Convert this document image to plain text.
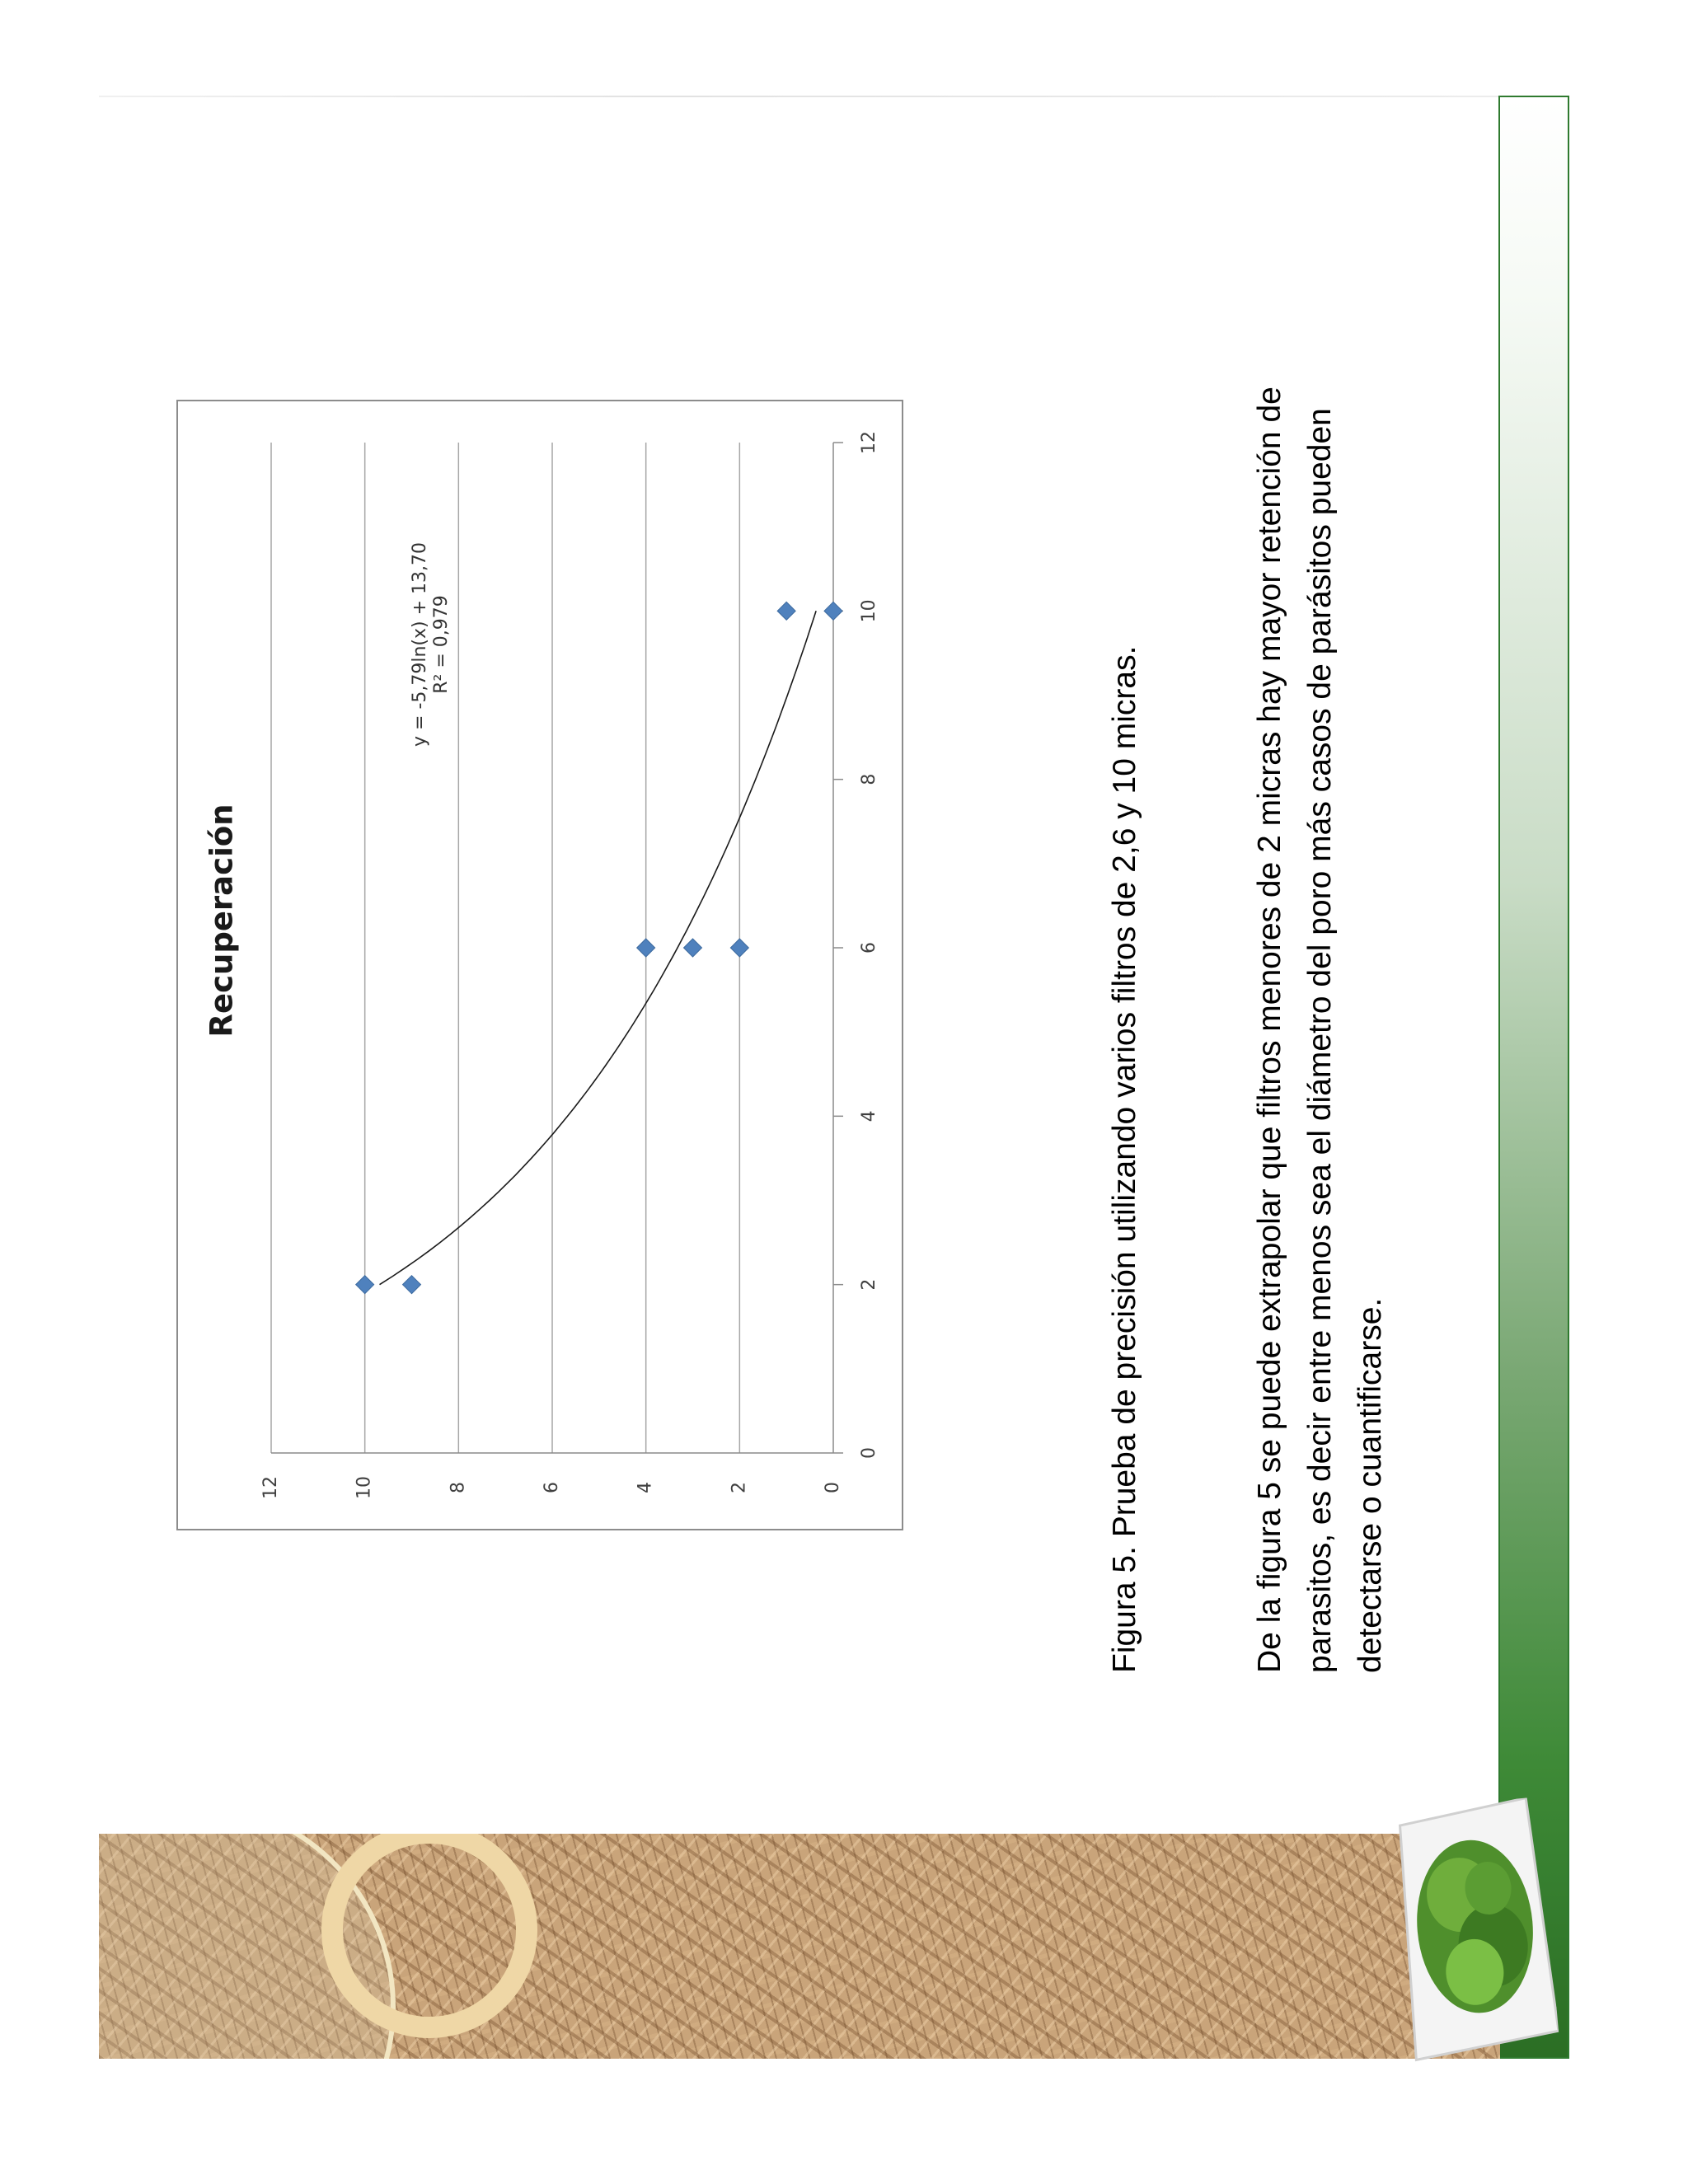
0
2
4
6
8
10
12
0
2
4
6
8
10
12
Recuperación
y = -5,79ln(x) + 13,70 R² = 0,979
Figura 5. Prueba de precisión utilizando varios filtros de 2,6 y 10 micras.	De la figura 5 se puede extrapolar que filtros menores de 2 micras hay mayor retención de parasitos, es decir entre menos sea el diámetro del poro más casos de parásitos pueden detectarse o cuantificarse.
